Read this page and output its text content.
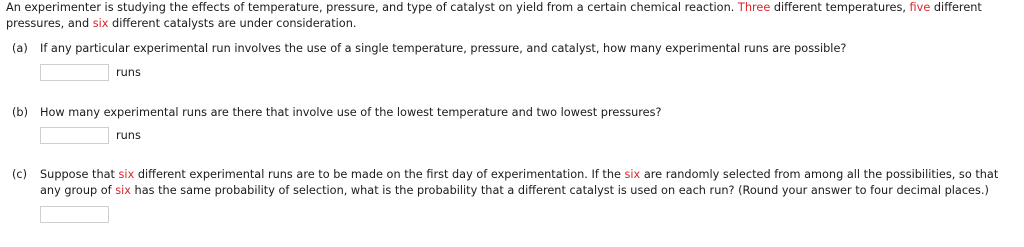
An experimenter is studying the effects of temperature, pressure, and type of catalyst on yield from a certain chemical reaction. Three different temperatures, five different pressures, and six different catalysts are under consideration.
(a) If any particular experimental run involves the use of a single temperature, pressure, and catalyst, how many experimental runs are possible?
runs
(b) How many experimental runs are there that involve use of the lowest temperature and two lowest pressures?
runs
(c) Suppose that six different experimental runs are to be made on the first day of experimentation. If the six are randomly selected from among all the possibilities, so that
any group of six has the same probability of selection, what is the probability that a different catalyst is used on each run? (Round your answer to four decimal places.)
